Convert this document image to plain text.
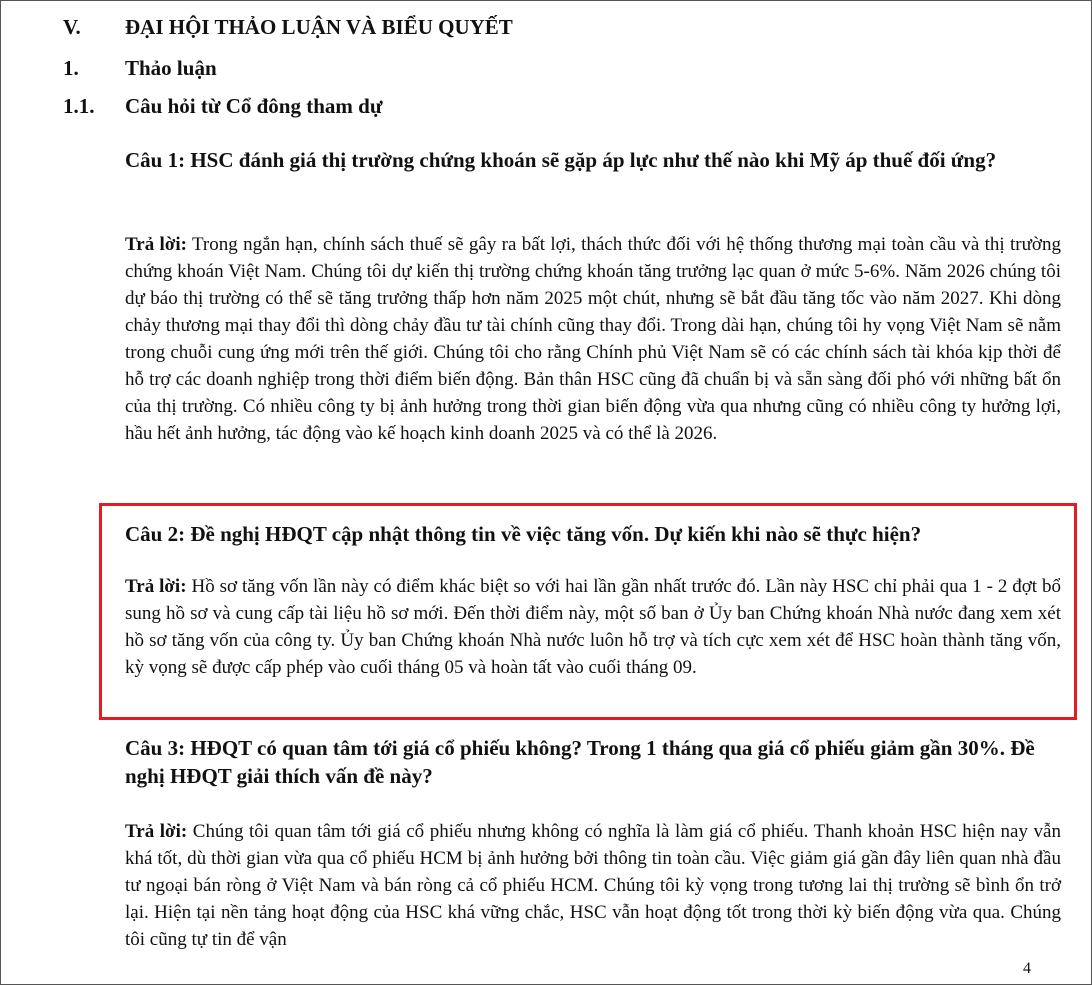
V. ĐẠI HỘI THẢO LUẬN VÀ BIỂU QUYẾT
1. Thảo luận
1.1. Câu hỏi từ Cổ đông tham dự
Câu 1: HSC đánh giá thị trường chứng khoán sẽ gặp áp lực như thế nào khi Mỹ áp thuế đối ứng?
Trả lời: Trong ngắn hạn, chính sách thuế sẽ gây ra bất lợi, thách thức đối với hệ thống thương mại toàn cầu và thị trường chứng khoán Việt Nam. Chúng tôi dự kiến thị trường chứng khoán tăng trưởng lạc quan ở mức 5-6%. Năm 2026 chúng tôi dự báo thị trường có thể sẽ tăng trưởng thấp hơn năm 2025 một chút, nhưng sẽ bắt đầu tăng tốc vào năm 2027. Khi dòng chảy thương mại thay đổi thì dòng chảy đầu tư tài chính cũng thay đổi. Trong dài hạn, chúng tôi hy vọng Việt Nam sẽ nằm trong chuỗi cung ứng mới trên thế giới. Chúng tôi cho rằng Chính phủ Việt Nam sẽ có các chính sách tài khóa kịp thời để hỗ trợ các doanh nghiệp trong thời điểm biến động. Bản thân HSC cũng đã chuẩn bị và sẵn sàng đối phó với những bất ổn của thị trường. Có nhiều công ty bị ảnh hưởng trong thời gian biến động vừa qua nhưng cũng có nhiều công ty hưởng lợi, hầu hết ảnh hưởng, tác động vào kế hoạch kinh doanh 2025 và có thể là 2026.
Câu 2: Đề nghị HĐQT cập nhật thông tin về việc tăng vốn. Dự kiến khi nào sẽ thực hiện?
Trả lời: Hồ sơ tăng vốn lần này có điểm khác biệt so với hai lần gần nhất trước đó. Lần này HSC chỉ phải qua 1 - 2 đợt bổ sung hồ sơ và cung cấp tài liệu hồ sơ mới. Đến thời điểm này, một số ban ở Ủy ban Chứng khoán Nhà nước đang xem xét hồ sơ tăng vốn của công ty. Ủy ban Chứng khoán Nhà nước luôn hỗ trợ và tích cực xem xét để HSC hoàn thành tăng vốn, kỳ vọng sẽ được cấp phép vào cuối tháng 05 và hoàn tất vào cuối tháng 09.
Câu 3: HĐQT có quan tâm tới giá cổ phiếu không? Trong 1 tháng qua giá cổ phiếu giảm gần 30%. Đề nghị HĐQT giải thích vấn đề này?
Trả lời: Chúng tôi quan tâm tới giá cổ phiếu nhưng không có nghĩa là làm giá cổ phiếu. Thanh khoản HSC hiện nay vẫn khá tốt, dù thời gian vừa qua cổ phiếu HCM bị ảnh hưởng bởi thông tin toàn cầu. Việc giảm giá gần đây liên quan nhà đầu tư ngoại bán ròng ở Việt Nam và bán ròng cả cổ phiếu HCM. Chúng tôi kỳ vọng trong tương lai thị trường sẽ bình ổn trở lại. Hiện tại nền tảng hoạt động của HSC khá vững chắc, HSC vẫn hoạt động tốt trong thời kỳ biến động vừa qua. Chúng tôi cũng tự tin để vận
4
